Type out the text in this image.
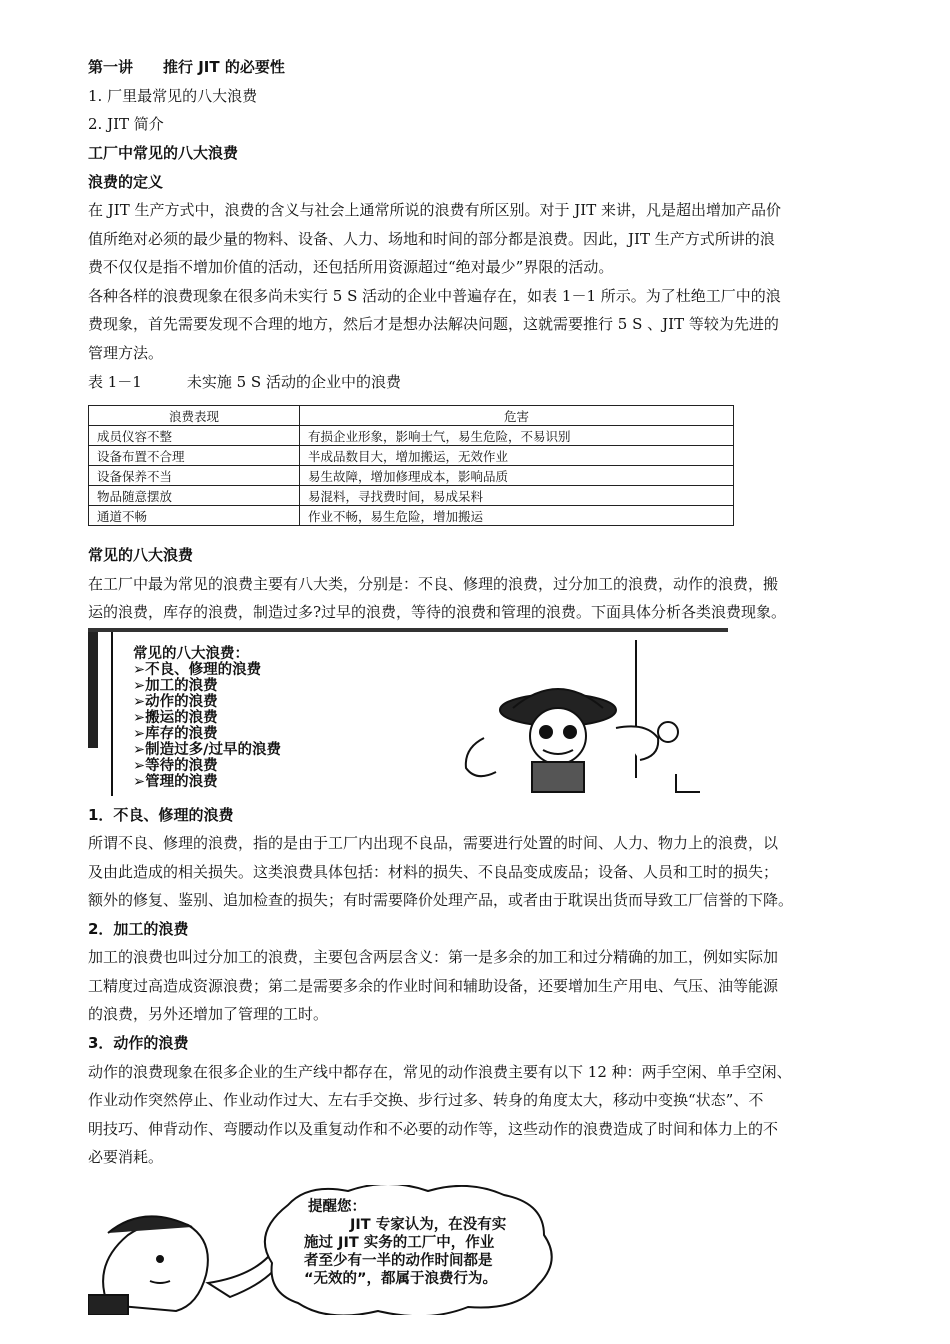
第一讲　　推行 JIT 的必要性
1. 厂里最常见的八大浪费
2. JIT 简介
工厂中常见的八大浪费
浪费的定义
在 JIT 生产方式中，浪费的含义与社会上通常所说的浪费有所区别。对于 JIT 来讲，凡是超出增加产品价
值所绝对必须的最少量的物料、设备、人力、场地和时间的部分都是浪费。因此，JIT 生产方式所讲的浪
费不仅仅是指不增加价值的活动，还包括所用资源超过“绝对最少”界限的活动。
各种各样的浪费现象在很多尚未实行 5 S 活动的企业中普遍存在，如表 1－1 所示。为了杜绝工厂中的浪
费现象，首先需要发现不合理的地方，然后才是想办法解决问题，这就需要推行 5 S 、JIT 等较为先进的
管理方法。
表 1－1　　　未实施 5 S 活动的企业中的浪费
浪费表现	危害
成员仪容不整	有损企业形象，影响士气，易生危险，不易识别
设备布置不合理	半成品数目大，增加搬运，无效作业
设备保养不当	易生故障，增加修理成本，影响品质
物品随意摆放	易混料，寻找费时间，易成呆料
通道不畅	作业不畅，易生危险，增加搬运
常见的八大浪费
在工厂中最为常见的浪费主要有八大类，分别是：不良、修理的浪费，过分加工的浪费，动作的浪费，搬
运的浪费，库存的浪费，制造过多?过早的浪费，等待的浪费和管理的浪费。下面具体分析各类浪费现象。
常见的八大浪费：
➢不良、修理的浪费
➢加工的浪费
➢动作的浪费
➢搬运的浪费
➢库存的浪费
➢制造过多/过早的浪费
➢等待的浪费
➢管理的浪费
1．不良、修理的浪费
所谓不良、修理的浪费，指的是由于工厂内出现不良品，需要进行处置的时间、人力、物力上的浪费，以
及由此造成的相关损失。这类浪费具体包括：材料的损失、不良品变成废品；设备、人员和工时的损失；
额外的修复、鉴别、追加检查的损失；有时需要降价处理产品，或者由于耽误出货而导致工厂信誉的下降。
2．加工的浪费
加工的浪费也叫过分加工的浪费，主要包含两层含义：第一是多余的加工和过分精确的加工，例如实际加
工精度过高造成资源浪费；第二是需要多余的作业时间和辅助设备，还要增加生产用电、气压、油等能源
的浪费，另外还增加了管理的工时。
3．动作的浪费
动作的浪费现象在很多企业的生产线中都存在，常见的动作浪费主要有以下 12 种：两手空闲、单手空闲、
作业动作突然停止、作业动作过大、左右手交换、步行过多、转身的角度太大，移动中变换“状态”、不
明技巧、伸背动作、弯腰动作以及重复动作和不必要的动作等，这些动作的浪费造成了时间和体力上的不
必要消耗。
提醒您：
JIT 专家认为，在没有实
施过 JIT 实务的工厂中，作业
者至少有一半的动作时间都是
“无效的”，都属于浪费行为。
